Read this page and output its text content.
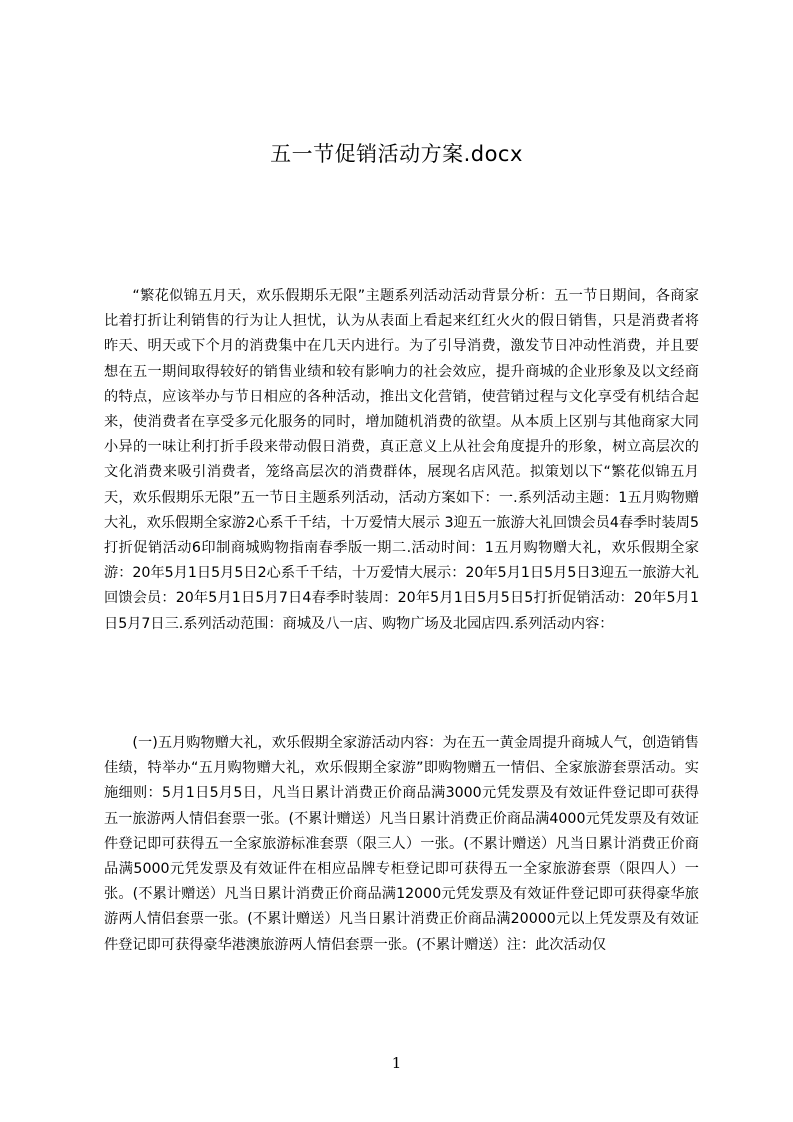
五一节促销活动方案.docx

“繁花似锦五月天，欢乐假期乐无限”主题系列活动活动背景分析：五一节日期间，各商家比着打折让利销售的行为让人担忧，认为从表面上看起来红红火火的假日销售，只是消费者将昨天、明天或下个月的消费集中在几天内进行。为了引导消费，激发节日冲动性消费，并且要想在五一期间取得较好的销售业绩和较有影响力的社会效应，提升商城的企业形象及以文经商的特点，应该举办与节日相应的各种活动，推出文化营销，使营销过程与文化享受有机结合起来，使消费者在享受多元化服务的同时，增加随机消费的欲望。从本质上区别与其他商家大同小异的一味让利打折手段来带动假日消费，真正意义上从社会角度提升的形象，树立高层次的文化消费来吸引消费者，笼络高层次的消费群体，展现名店风范。拟策划以下“繁花似锦五月天，欢乐假期乐无限”五一节日主题系列活动，活动方案如下：一.系列活动主题：1五月购物赠大礼，欢乐假期全家游2心系千千结，十万爱情大展示 3迎五一旅游大礼回馈会员4春季时装周5打折促销活动6印制商城购物指南春季版一期二.活动时间：1五月购物赠大礼，欢乐假期全家游：20年5月1日5月5日2心系千千结，十万爱情大展示：20年5月1日5月5日3迎五一旅游大礼回馈会员：20年5月1日5月7日4春季时装周：20年5月1日5月5日5打折促销活动：20年5月1日5月7日三.系列活动范围：商城及八一店、购物广场及北园店四.系列活动内容：

(一)五月购物赠大礼，欢乐假期全家游活动内容：为在五一黄金周提升商城人气，创造销售佳绩，特举办“五月购物赠大礼，欢乐假期全家游”即购物赠五一情侣、全家旅游套票活动。实施细则：5月1日5月5日，凡当日累计消费正价商品满3000元凭发票及有效证件登记即可获得五一旅游两人情侣套票一张。(不累计赠送）凡当日累计消费正价商品满4000元凭发票及有效证件登记即可获得五一全家旅游标准套票（限三人）一张。(不累计赠送）凡当日累计消费正价商品满5000元凭发票及有效证件在相应品牌专柜登记即可获得五一全家旅游套票（限四人）一张。(不累计赠送）凡当日累计消费正价商品满12000元凭发票及有效证件登记即可获得豪华旅游两人情侣套票一张。(不累计赠送）凡当日累计消费正价商品满20000元以上凭发票及有效证件登记即可获得豪华港澳旅游两人情侣套票一张。(不累计赠送）注：此次活动仅

1
